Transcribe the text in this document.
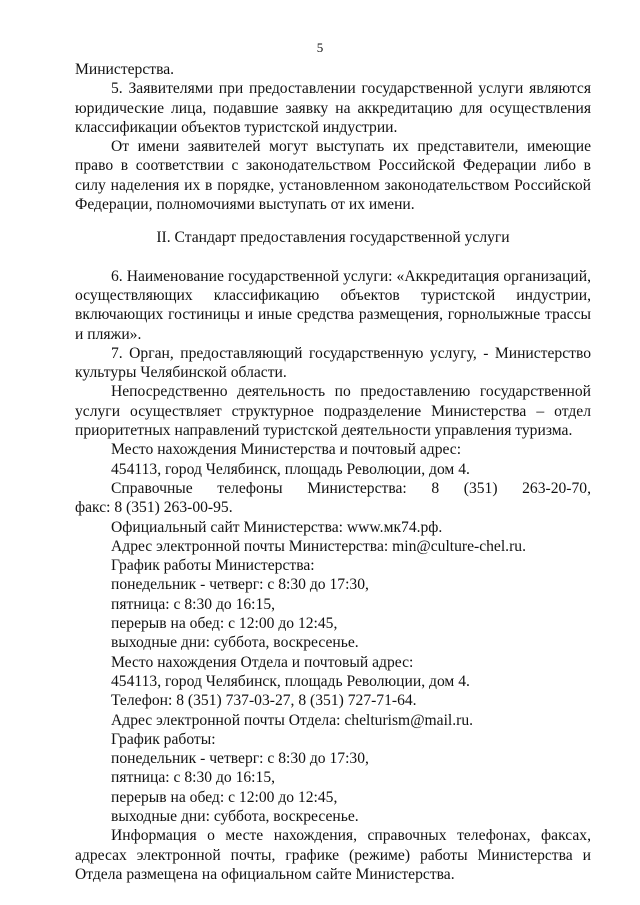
5

Министерства.

5. Заявителями при предоставлении государственной услуги являются юридические лица, подавшие заявку на аккредитацию для осуществления классификации объектов туристской индустрии.

От имени заявителей могут выступать их представители, имеющие право в соответствии с законодательством Российской Федерации либо в силу наделения их в порядке, установленном законодательством Российской Федерации, полномочиями выступать от их имени.

II. Стандарт предоставления государственной услуги

6. Наименование государственной услуги: «Аккредитация организаций, осуществляющих классификацию объектов туристской индустрии, включающих гостиницы и иные средства размещения, горнолыжные трассы и пляжи».

7. Орган, предоставляющий государственную услугу, - Министерство культуры Челябинской области.

Непосредственно деятельность по предоставлению государственной услуги осуществляет структурное подразделение Министерства – отдел приоритетных направлений туристской деятельности управления туризма.

Место нахождения Министерства и почтовый адрес:

454113, город Челябинск, площадь Революции, дом 4.

Справочные телефоны Министерства: 8 (351) 263-20-70,

факс: 8 (351) 263-00-95.

Официальный сайт Министерства: www.мк74.рф.

Адрес электронной почты Министерства: min@culture-chel.ru.

График работы Министерства:

понедельник - четверг: с 8:30 до 17:30,

пятница: с 8:30 до 16:15,

перерыв на обед: с 12:00 до 12:45,

выходные дни: суббота, воскресенье.

Место нахождения Отдела и почтовый адрес:

454113, город Челябинск, площадь Революции, дом 4.

Телефон: 8 (351) 737-03-27, 8 (351) 727-71-64.

Адрес электронной почты Отдела: chelturism@mail.ru.

График работы:

понедельник - четверг: с 8:30 до 17:30,

пятница: с 8:30 до 16:15,

перерыв на обед: с 12:00 до 12:45,

выходные дни: суббота, воскресенье.

Информация о месте нахождения, справочных телефонах, факсах, адресах электронной почты, графике (режиме) работы Министерства и Отдела размещена на официальном сайте Министерства.
